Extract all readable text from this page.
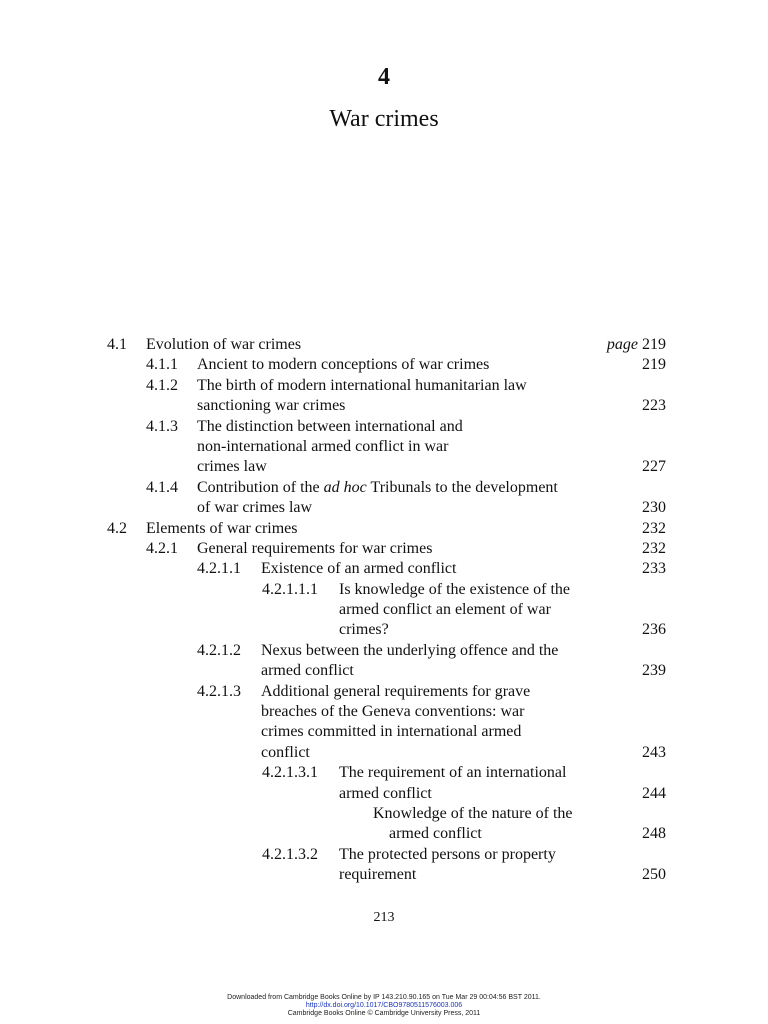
4
War crimes
4.1 Evolution of war crimes	page 219
4.1.1 Ancient to modern conceptions of war crimes	219
4.1.2 The birth of modern international humanitarian law
sanctioning war crimes	223
4.1.3 The distinction between international and
non-international armed conflict in war
crimes law	227
4.1.4 Contribution of the ad hoc Tribunals to the development
of war crimes law	230
4.2 Elements of war crimes	232
4.2.1 General requirements for war crimes	232
4.2.1.1 Existence of an armed conflict	233
4.2.1.1.1 Is knowledge of the existence of the
armed conflict an element of war
crimes?	236
4.2.1.2 Nexus between the underlying offence and the
armed conflict	239
4.2.1.3 Additional general requirements for grave
breaches of the Geneva conventions: war
crimes committed in international armed
conflict	243
4.2.1.3.1 The requirement of an international
armed conflict	244
Knowledge of the nature of the
armed conflict	248
4.2.1.3.2 The protected persons or property
requirement	250
213
Downloaded from Cambridge Books Online by IP 143.210.90.165 on Tue Mar 29 00:04:56 BST 2011.
http://dx.doi.org/10.1017/CBO9780511576003.006
Cambridge Books Online © Cambridge University Press, 2011
